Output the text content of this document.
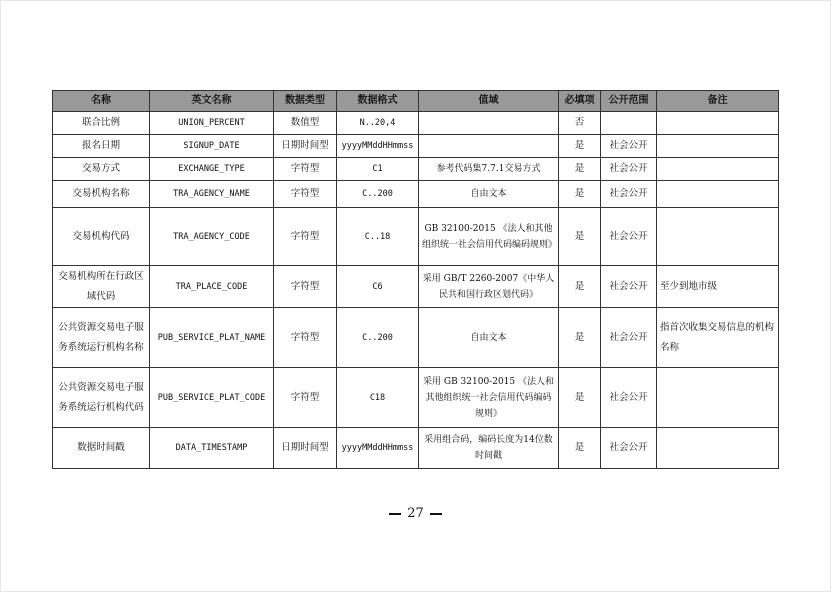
名称	英文名称	数据类型	数据格式	值域	必填项	公开范围	备注
联合比例	UNION_PERCENT	数值型	N..20,4		否		
报名日期	SIGNUP_DATE	日期时间型	yyyyMMddHHmmss		是	社会公开	
交易方式	EXCHANGE_TYPE	字符型	C1	参考代码集7.7.1交易方式	是	社会公开	
交易机构名称	TRA_AGENCY_NAME	字符型	C..200	自由文本	是	社会公开	
交易机构代码	TRA_AGENCY_CODE	字符型	C..18	GB 32100-2015 《法人和其他组织统一社会信用代码编码规则》	是	社会公开	
交易机构所在行政区域代码	TRA_PLACE_CODE	字符型	C6	采用 GB/T 2260-2007《中华人民共和国行政区划代码》	是	社会公开	至少到地市级
公共资源交易电子服务系统运行机构名称	PUB_SERVICE_PLAT_NAME	字符型	C..200	自由文本	是	社会公开	指首次收集交易信息的机构名称
公共资源交易电子服务系统运行机构代码	PUB_SERVICE_PLAT_CODE	字符型	C18	采用 GB 32100-2015 《法人和其他组织统一社会信用代码编码规则》	是	社会公开	
数据时间戳	DATA_TIMESTAMP	日期时间型	yyyyMMddHHmmss	采用组合码，编码长度为14位数时间戳	是	社会公开	
27
